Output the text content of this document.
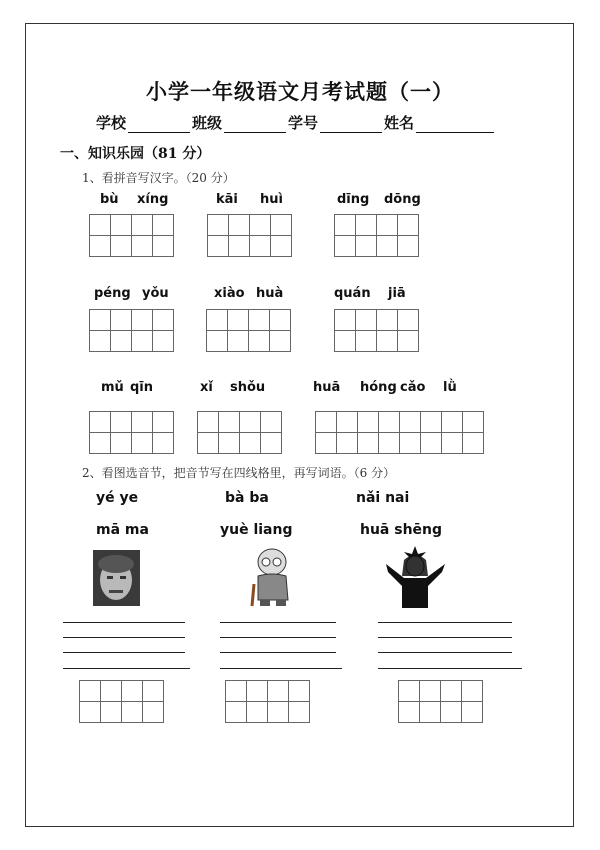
小学一年级语文月考试题（一）
学校	班级	学号	姓名
一、知识乐园（81 分）
1、看拼音写汉字。（20 分）
bù xíng	kāi huì	dīng dōng
péng yǒu	xiào huà	quán jiā
mǔ qīn	xǐ shǒu	huā hóng cǎo lǜ
2、看图选音节，把音节写在四线格里，再写词语。（6 分）
yé ye	bà ba	nǎi nai
mā ma	yuè liang	huā shēng
